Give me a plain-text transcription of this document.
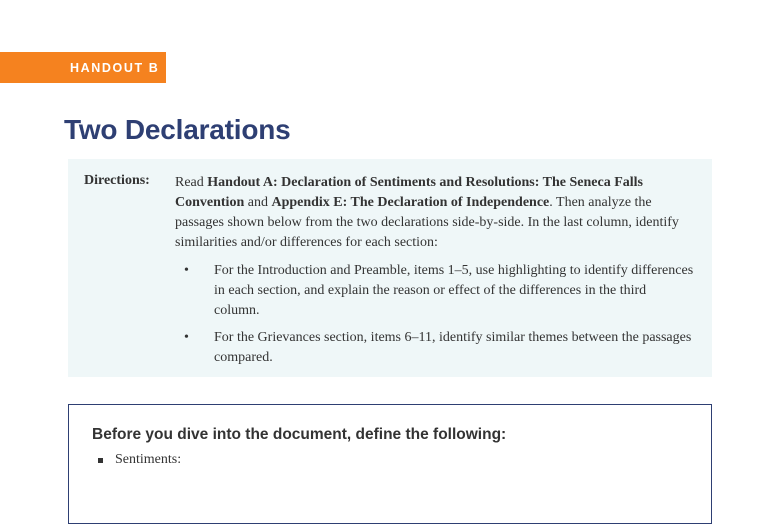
HANDOUT B
Two Declarations
Directions: Read Handout A: Declaration of Sentiments and Resolutions: The Seneca Falls Convention and Appendix E: The Declaration of Independence. Then analyze the passages shown below from the two declarations side-by-side. In the last column, identify similarities and/or differences for each section:
• For the Introduction and Preamble, items 1–5, use highlighting to identify differences in each section, and explain the reason or effect of the differences in the third column.
• For the Grievances section, items 6–11, identify similar themes between the passages compared.
Before you dive into the document, define the following:
Sentiments:
